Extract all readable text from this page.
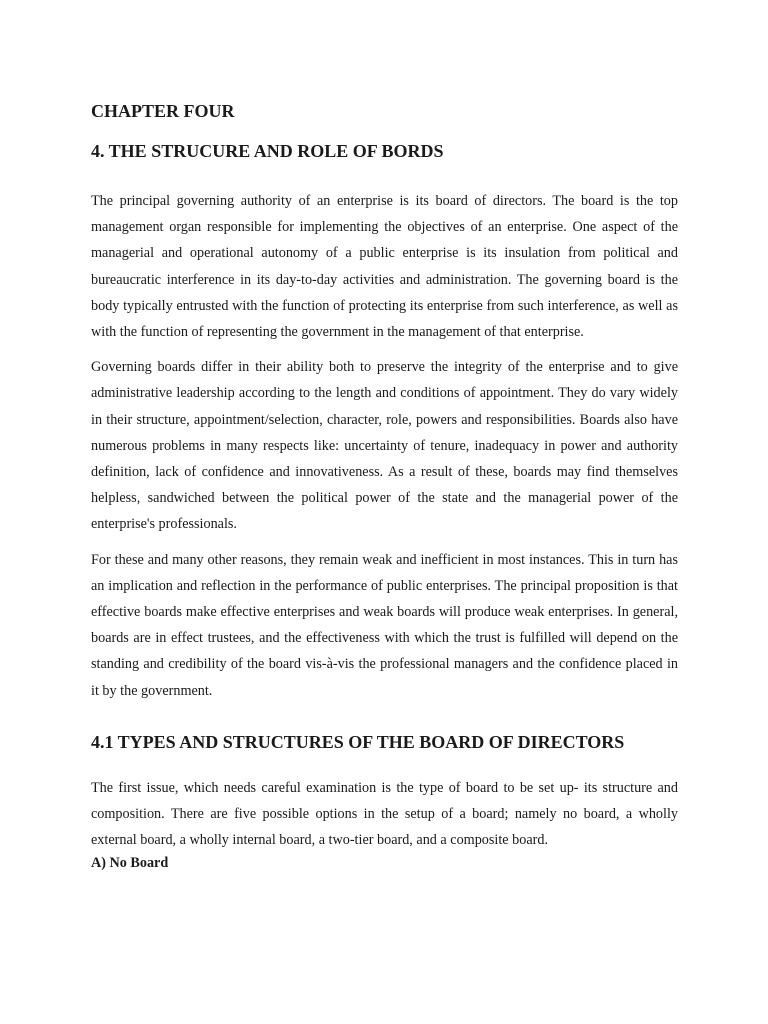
CHAPTER FOUR
4. THE STRUCURE AND ROLE OF BORDS

The principal governing authority of an enterprise is its board of directors. The board is the top management organ responsible for implementing the objectives of an enterprise. One aspect of the managerial and operational autonomy of a public enterprise is its insulation from political and bureaucratic interference in its day-to-day activities and administration. The governing board is the body typically entrusted with the function of protecting its enterprise from such interference, as well as with the function of representing the government in the management of that enterprise.

Governing boards differ in their ability both to preserve the integrity of the enterprise and to give administrative leadership according to the length and conditions of appointment. They do vary widely in their structure, appointment/selection, character, role, powers and responsibilities. Boards also have numerous problems in many respects like: uncertainty of tenure, inadequacy in power and authority definition, lack of confidence and innovativeness. As a result of these, boards may find themselves helpless, sandwiched between the political power of the state and the managerial power of the enterprise's professionals.

For these and many other reasons, they remain weak and inefficient in most instances. This in turn has an implication and reflection in the performance of public enterprises. The principal proposition is that effective boards make effective enterprises and weak boards will produce weak enterprises. In general, boards are in effect trustees, and the effectiveness with which the trust is fulfilled will depend on the standing and credibility of the board vis-à-vis the professional managers and the confidence placed in it by the government.

4.1 TYPES AND STRUCTURES OF THE BOARD OF DIRECTORS

The first issue, which needs careful examination is the type of board to be set up- its structure and composition. There are five possible options in the setup of a board; namely no board, a wholly external board, a wholly internal board, a two-tier board, and a composite board.

A) No Board
